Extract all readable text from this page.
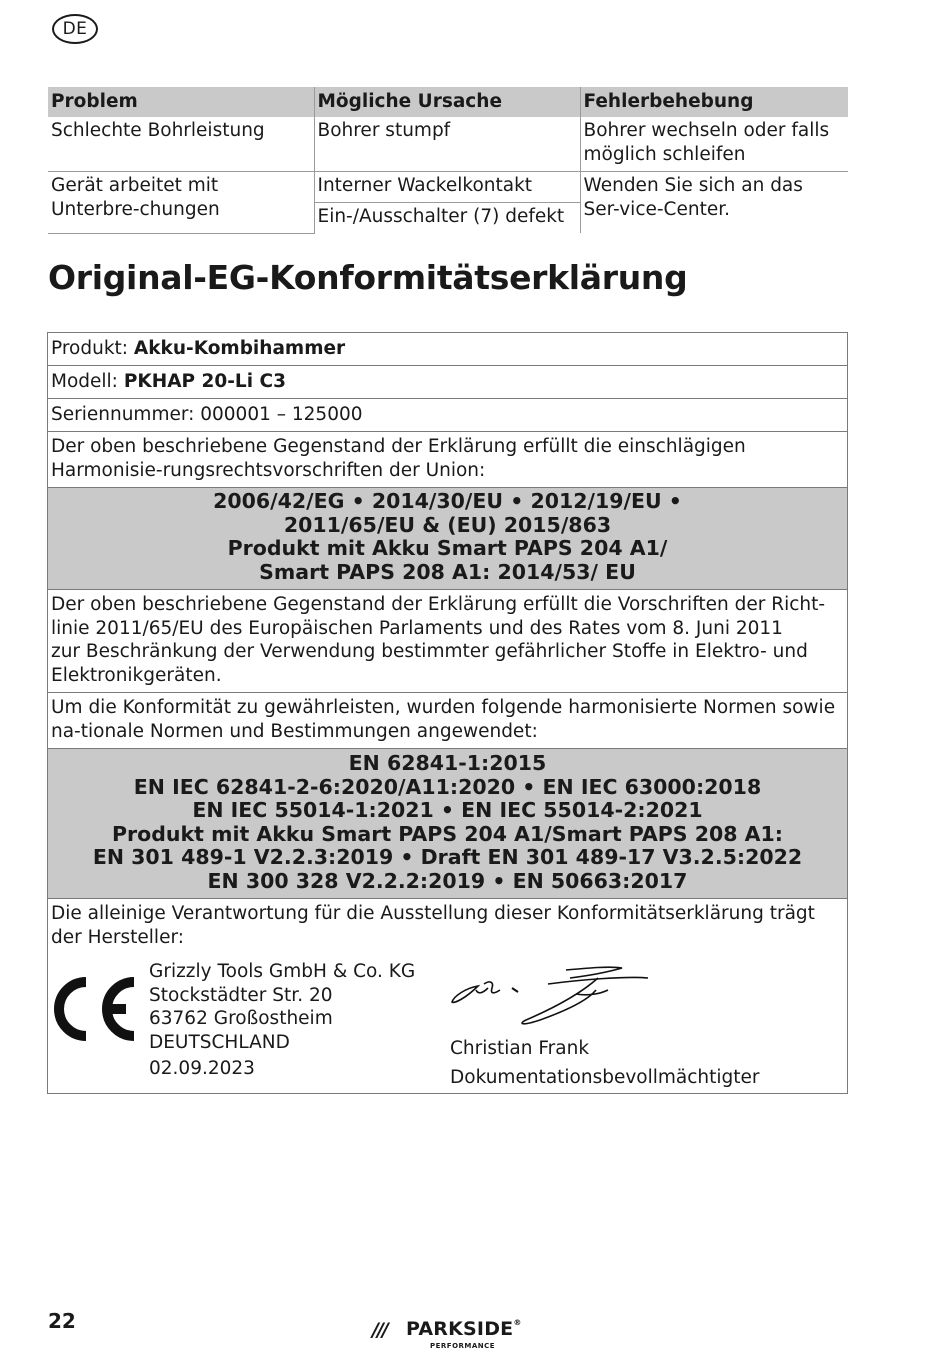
DE
Problem	Mögliche Ursache	Fehlerbehebung
Schlechte Bohrleistung	Bohrer stumpf	Bohrer wechseln oder falls möglich schleifen
Gerät arbeitet mit Unterbre-chungen	Interner Wackelkontakt	Wenden Sie sich an das Ser-vice-Center.
	Ein-/Ausschalter (7) defekt	
Original-EG-Konformitätserklärung
Produkt:
Akku-Kombihammer
Modell:
PKHAP 20-Li C3
Seriennummer: 000001 – 125000
Der oben beschriebene Gegenstand der Erklärung erfüllt die einschlägigen Harmonisie-rungsrechtsvorschriften der Union:
2006/42/EG • 2014/30/EU • 2012/19/EU •
2011/65/EU & (EU) 2015/863
Produkt mit Akku Smart PAPS 204 A1/
Smart PAPS 208 A1: 2014/53/ EU
Der oben beschriebene Gegenstand der Erklärung erfüllt die Vorschriften der Richt-
linie 2011/65/EU des Europäischen Parlaments und des Rates vom 8. Juni 2011
zur Beschränkung der Verwendung bestimmter gefährlicher Stoffe in Elektro- und
Elektronikgeräten.
Um die Konformität zu gewährleisten, wurden folgende harmonisierte Normen sowie na-tionale Normen und Bestimmungen angewendet:
EN 62841-1:2015
EN IEC 62841-2-6:2020/A11:2020 • EN IEC 63000:2018
EN IEC 55014-1:2021 • EN IEC 55014-2:2021
Produkt mit Akku Smart PAPS 204 A1/Smart PAPS 208 A1:
EN 301 489-1 V2.2.3:2019 • Draft EN 301 489-17 V3.2.5:2022
EN 300 328 V2.2.2:2019 • EN 50663:2017
Die alleinige Verantwortung für die Ausstellung dieser Konformitätserklärung trägt der Hersteller:
Grizzly Tools GmbH & Co. KG
Stockstädter Str. 20
63762 Großostheim
DEUTSCHLAND
02.09.2023
Christian Frank
Dokumentationsbevollmächtigter
22	/// PARKSIDE®
PERFORMANCE
